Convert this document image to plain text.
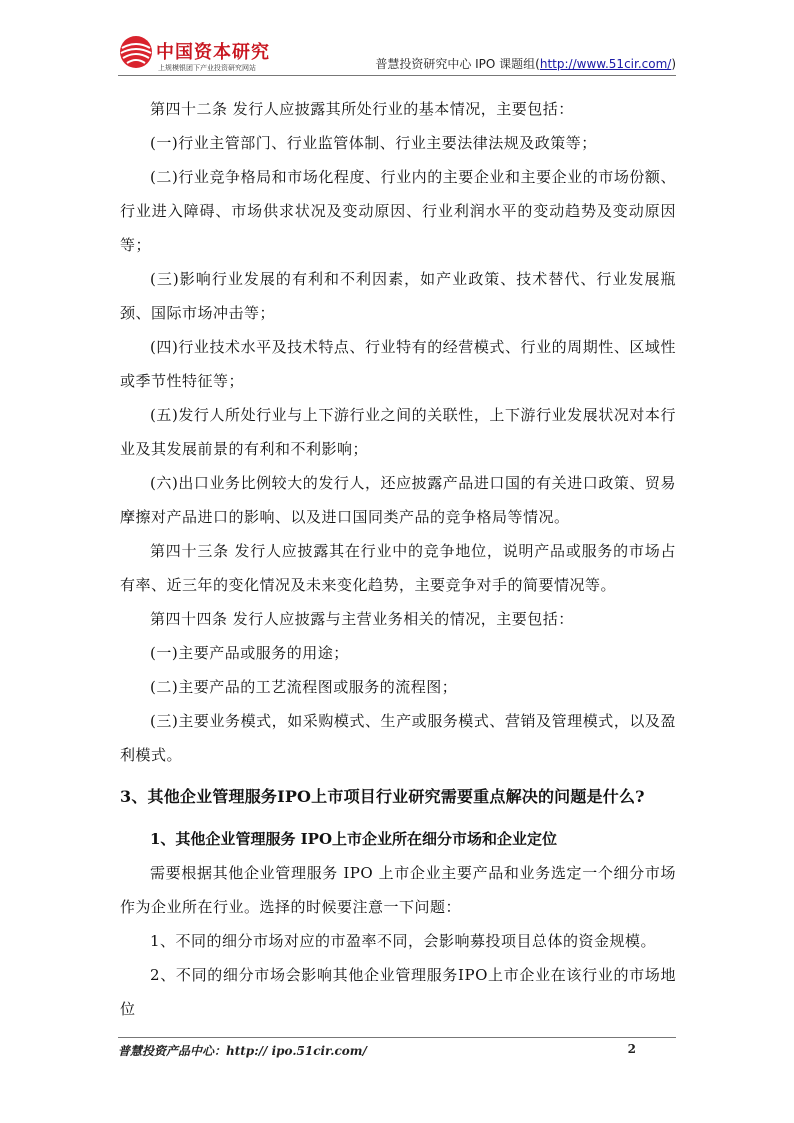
中国资本研究
上规模银团下产业投资研究网站	普慧投资研究中心 IPO 课题组(http://www.51cir.com/)

第四十二条 发行人应披露其所处行业的基本情况，主要包括：

(一)行业主管部门、行业监管体制、行业主要法律法规及政策等；

(二)行业竞争格局和市场化程度、行业内的主要企业和主要企业的市场份额、行业进入障碍、市场供求状况及变动原因、行业利润水平的变动趋势及变动原因等；

(三)影响行业发展的有利和不利因素，如产业政策、技术替代、行业发展瓶颈、国际市场冲击等；

(四)行业技术水平及技术特点、行业特有的经营模式、行业的周期性、区域性或季节性特征等；

(五)发行人所处行业与上下游行业之间的关联性，上下游行业发展状况对本行业及其发展前景的有利和不利影响；

(六)出口业务比例较大的发行人，还应披露产品进口国的有关进口政策、贸易摩擦对产品进口的影响、以及进口国同类产品的竞争格局等情况。

第四十三条 发行人应披露其在行业中的竞争地位，说明产品或服务的市场占有率、近三年的变化情况及未来变化趋势，主要竞争对手的简要情况等。

第四十四条 发行人应披露与主营业务相关的情况，主要包括：

(一)主要产品或服务的用途；

(二)主要产品的工艺流程图或服务的流程图；

(三)主要业务模式，如采购模式、生产或服务模式、营销及管理模式，以及盈利模式。

3、其他企业管理服务IPO上市项目行业研究需要重点解决的问题是什么?
1、其他企业管理服务 IPO上市企业所在细分市场和企业定位

需要根据其他企业管理服务 IPO 上市企业主要产品和业务选定一个细分市场作为企业所在行业。选择的时候要注意一下问题：

1、不同的细分市场对应的市盈率不同，会影响募投项目总体的资金规模。

2、不同的细分市场会影响其他企业管理服务IPO上市企业在该行业的市场地位

普慧投资产品中心：http:// ipo.51cir.com/	2
